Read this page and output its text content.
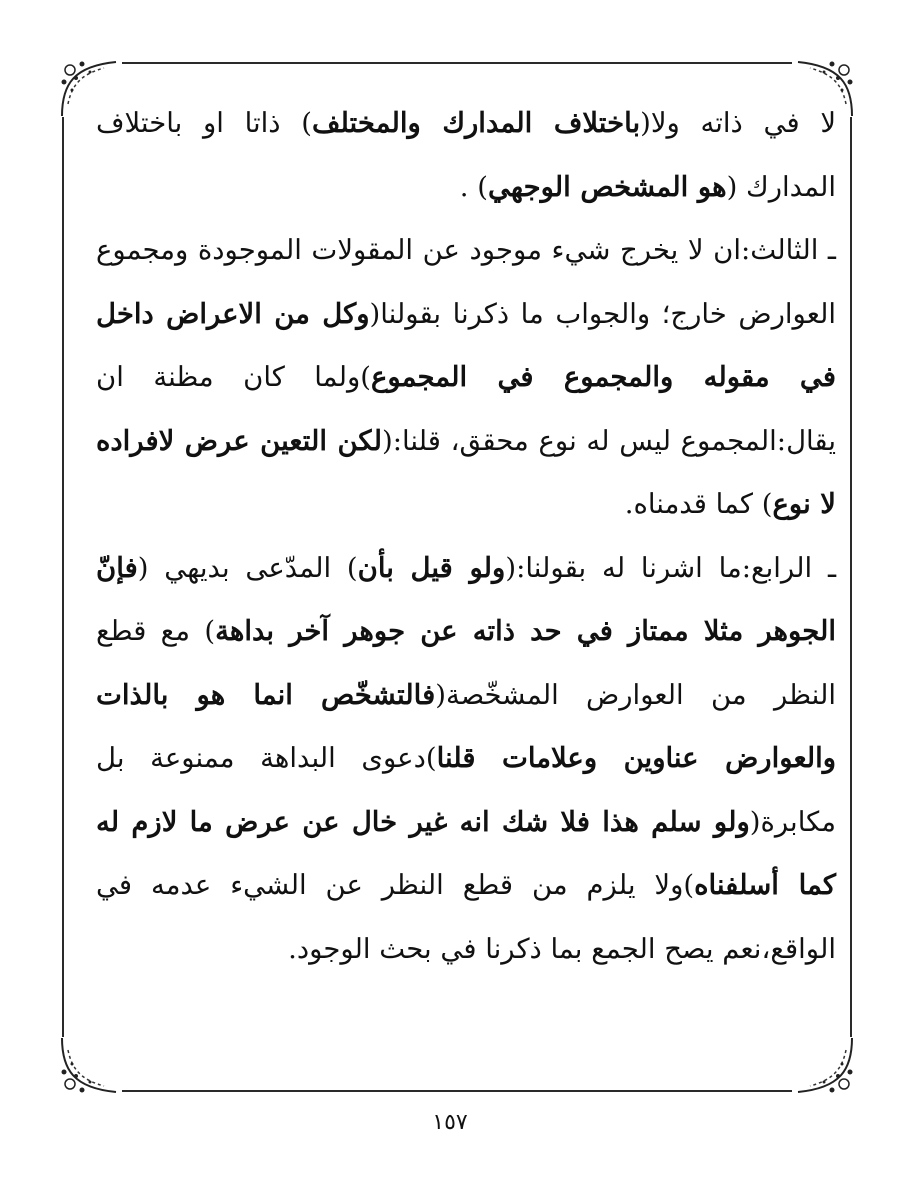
لا في ذاته ولا(باختلاف المدارك والمختلف) ذاتا او باختلاف المدارك (هو المشخص الوجهي) .

ـ الثالث:ان لا يخرج شيء موجود عن المقولات الموجودة ومجموع العوارض خارج؛ والجواب ما ذكرنا بقولنا(وكل من الاعراض داخل في مقوله والمجموع في المجموع)ولما كان مظنة ان يقال:المجموع ليس له نوع محقق، قلنا:(لكن التعين عرض لافراده لا نوع) كما قدمناه.

ـ الرابع:ما اشرنا له بقولنا:(ولو قيل بأن) المدّعى بديهي (فإنّ الجوهر مثلا ممتاز في حد ذاته عن جوهر آخر بداهة) مع قطع النظر من العوارض المشخّصة(فالتشخّص انما هو بالذات والعوارض عناوين وعلامات قلنا)دعوى البداهة ممنوعة بل مكابرة(ولو سلم هذا فلا شك انه غير خال عن عرض ما لازم له كما أسلفناه)ولا يلزم من قطع النظر عن الشيء عدمه في الواقع،نعم يصح الجمع بما ذكرنا في بحث الوجود.

١٥٧
